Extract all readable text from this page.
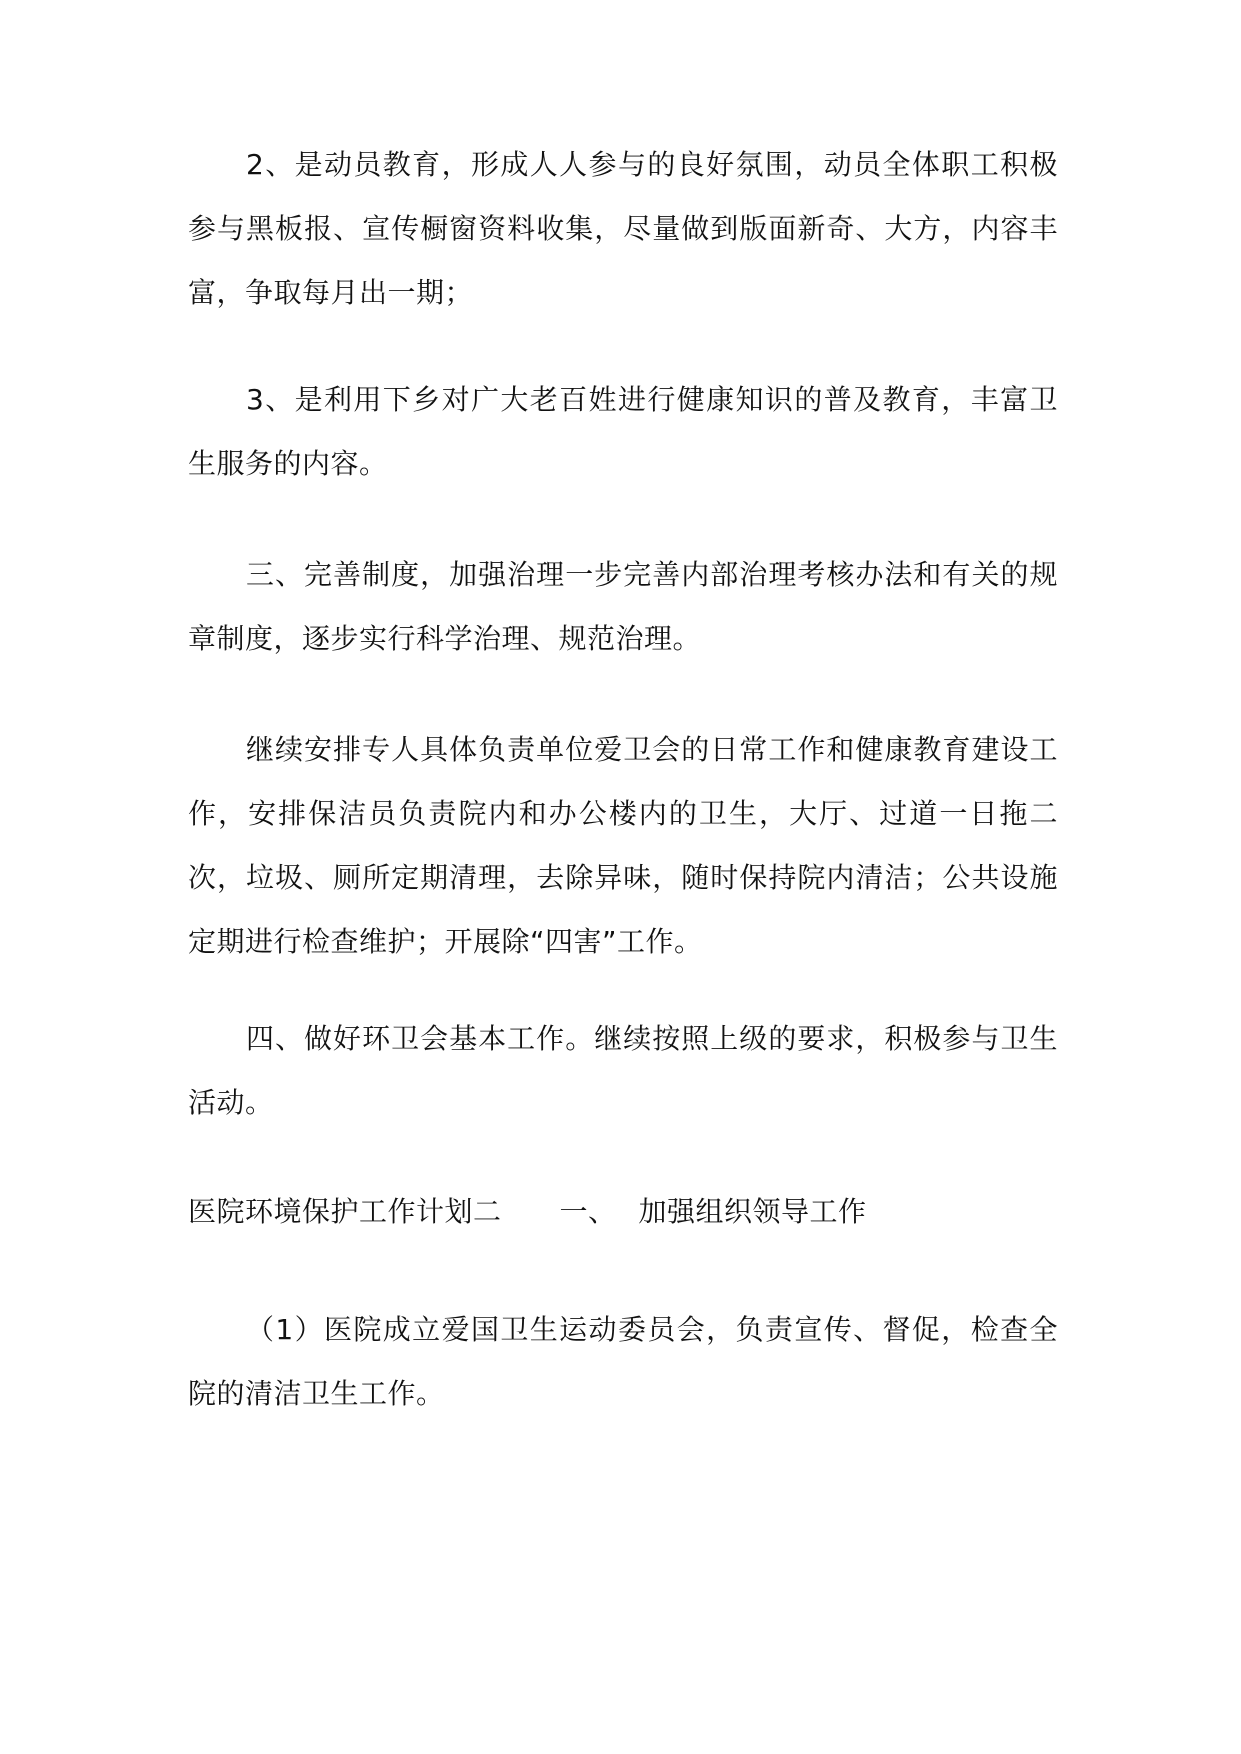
2、是动员教育，形成人人参与的良好氛围，动员全体职工积极参与黑板报、宣传橱窗资料收集，尽量做到版面新奇、大方，内容丰富，争取每月出一期；

3、是利用下乡对广大老百姓进行健康知识的普及教育，丰富卫生服务的内容。

三、完善制度，加强治理一步完善内部治理考核办法和有关的规章制度，逐步实行科学治理、规范治理。

继续安排专人具体负责单位爱卫会的日常工作和健康教育建设工作，安排保洁员负责院内和办公楼内的卫生，大厅、过道一日拖二次，垃圾、厕所定期清理，去除异味，随时保持院内清洁；公共设施定期进行检查维护；开展除“四害”工作。

四、做好环卫会基本工作。继续按照上级的要求，积极参与卫生活动。

医院环境保护工作计划二 一、 加强组织领导工作

（1）医院成立爱国卫生运动委员会，负责宣传、督促，检查全院的清洁卫生工作。
